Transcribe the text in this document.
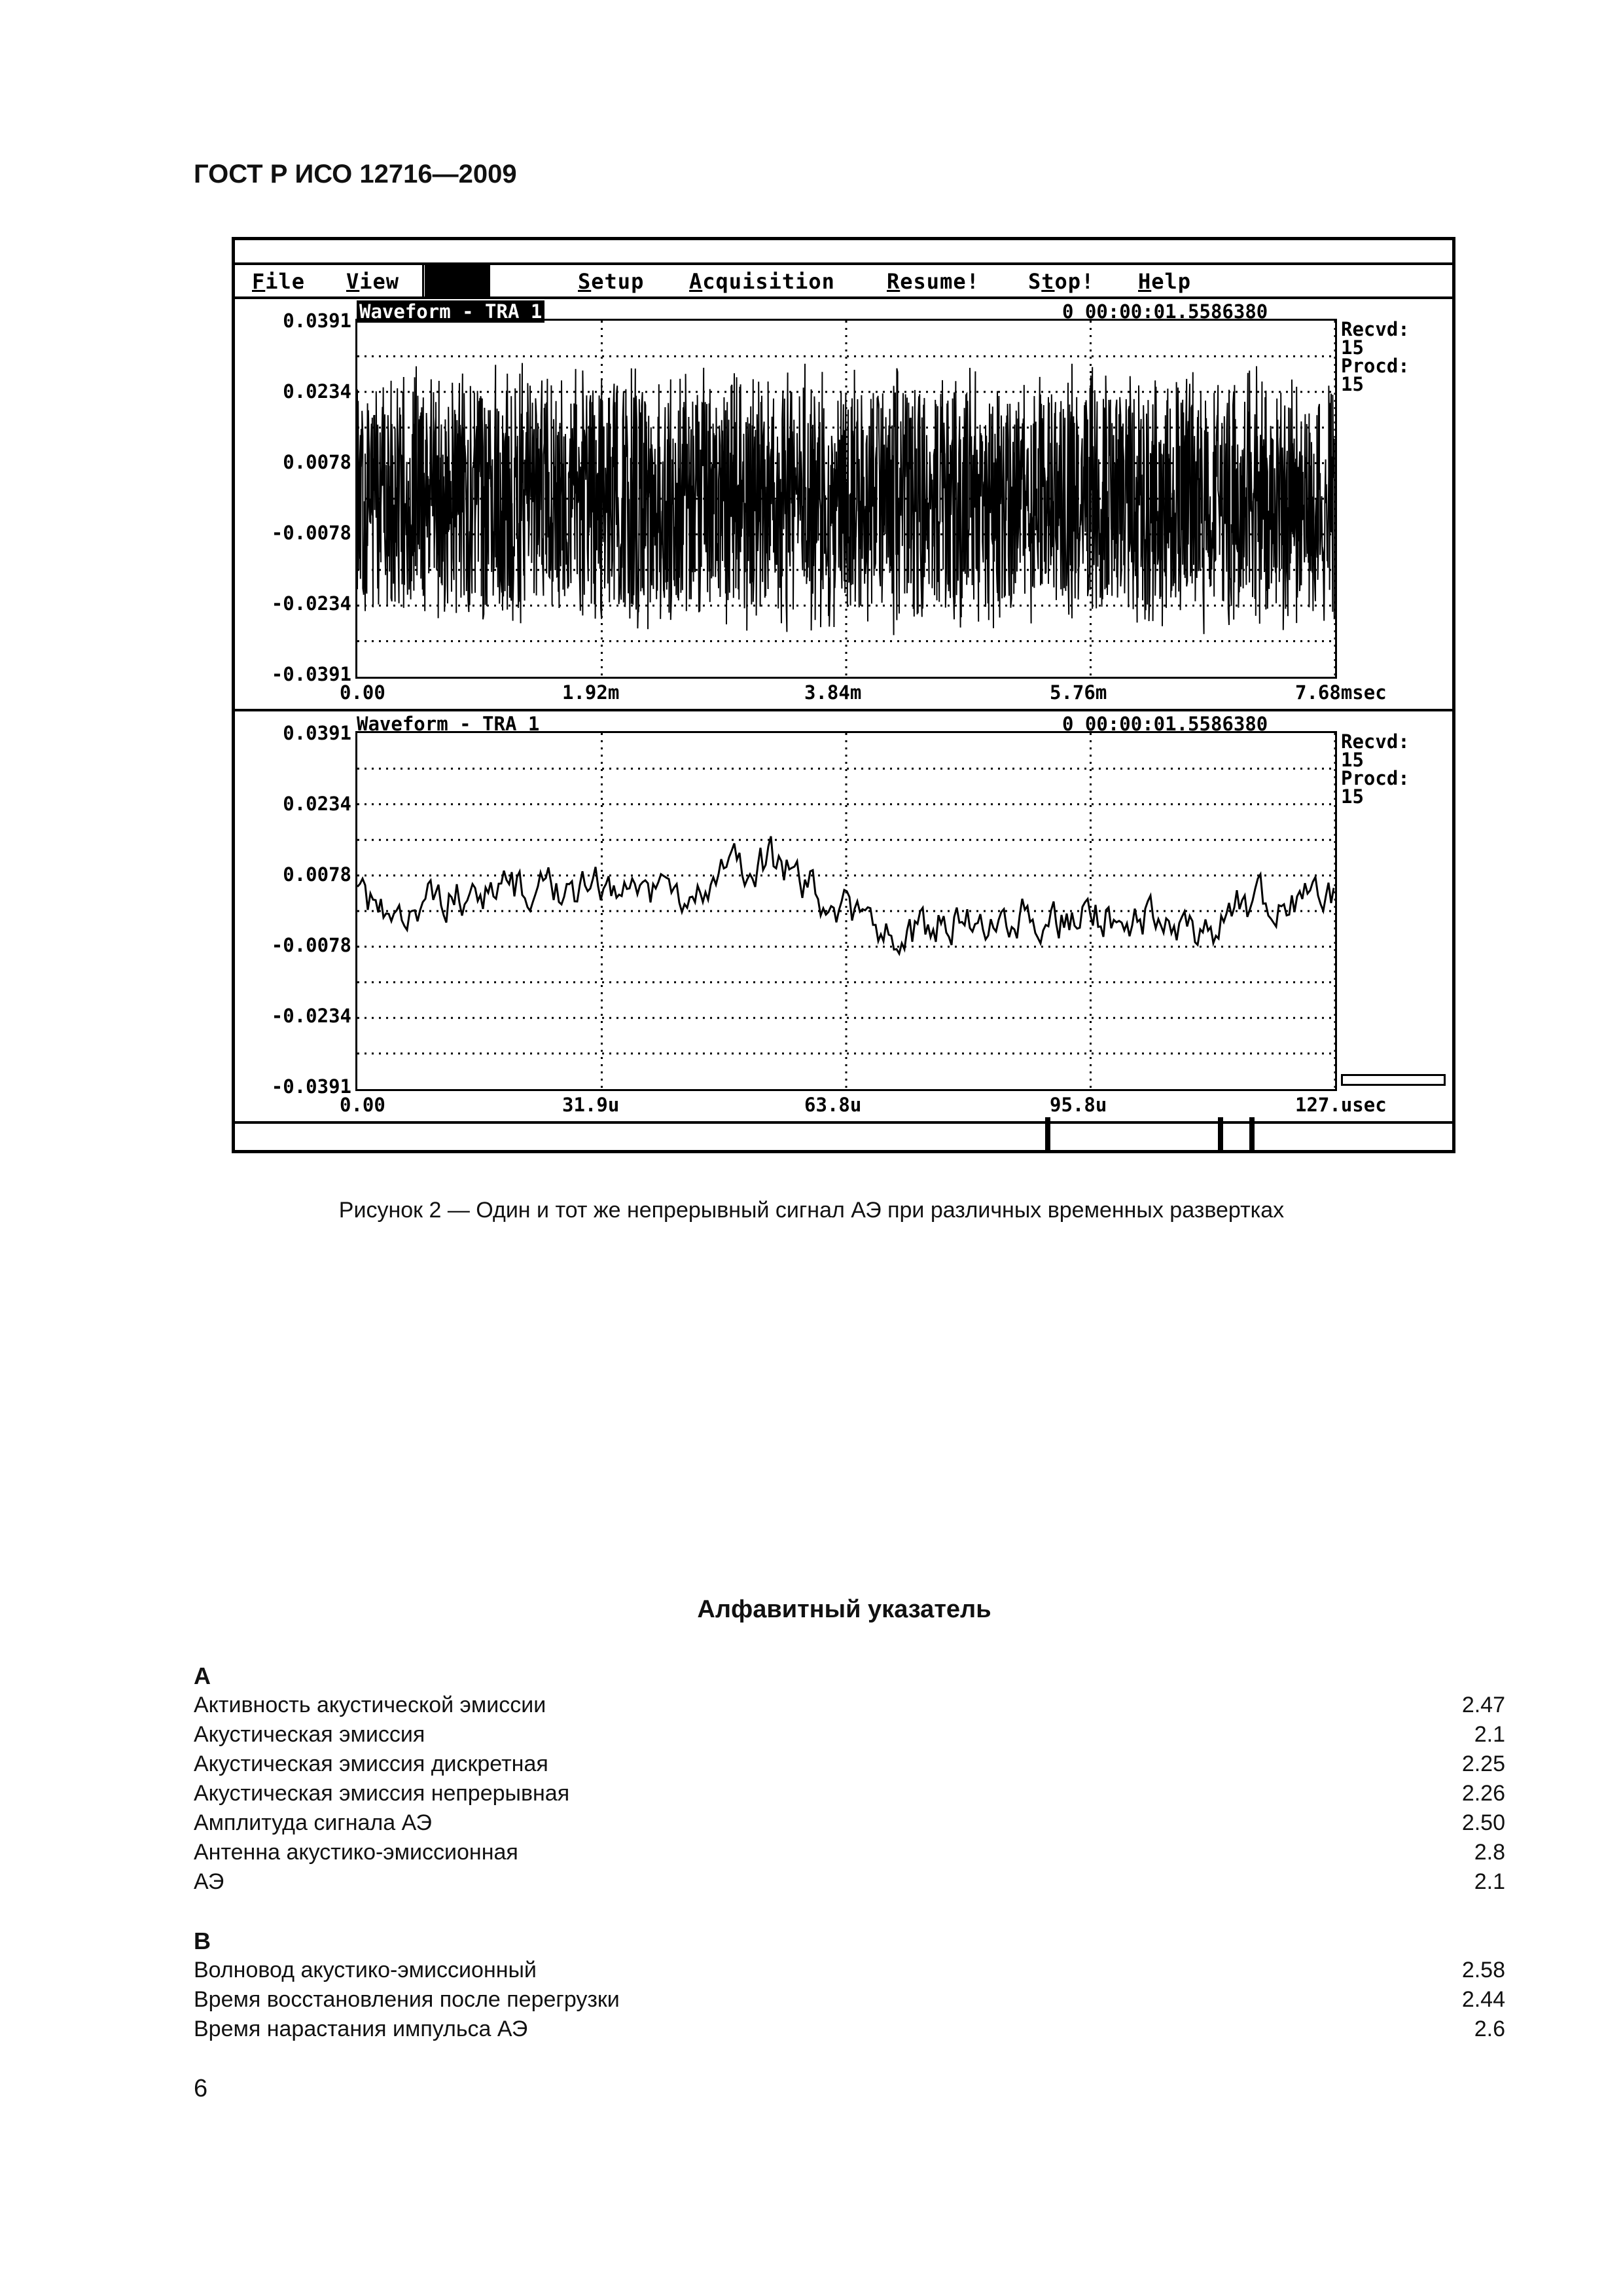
ГОСТ Р ИСО 12716—2009
File View	Setup Acquisition Resume! Stop! Help
Waveform - TRA 1	0 00:00:01.5586380
0.0391
0.0234
0.0078
-0.0078
-0.0234
-0.0391
Recvd:
15
Procd:
15
0.00	1.92m	3.84m	5.76m	7.68msec
Waveform - TRA 1	0 00:00:01.5586380
0.0391
0.0234
0.0078
-0.0078
-0.0234
-0.0391
Recvd:
15
Procd:
15
0.00	31.9u	63.8u	95.8u	127.usec
Рисунок 2 — Один и тот же непрерывный сигнал АЭ при различных временных развертках
Алфавитный указатель
А
Активность акустической эмиссии	2.47
Акустическая эмиссия	2.1
Акустическая эмиссия дискретная	2.25
Акустическая эмиссия непрерывная	2.26
Амплитуда сигнала АЭ	2.50
Антенна акустико-эмиссионная	2.8
АЭ	2.1
В
Волновод акустико-эмиссионный	2.58
Время восстановления после перегрузки	2.44
Время нарастания импульса АЭ	2.6
6
